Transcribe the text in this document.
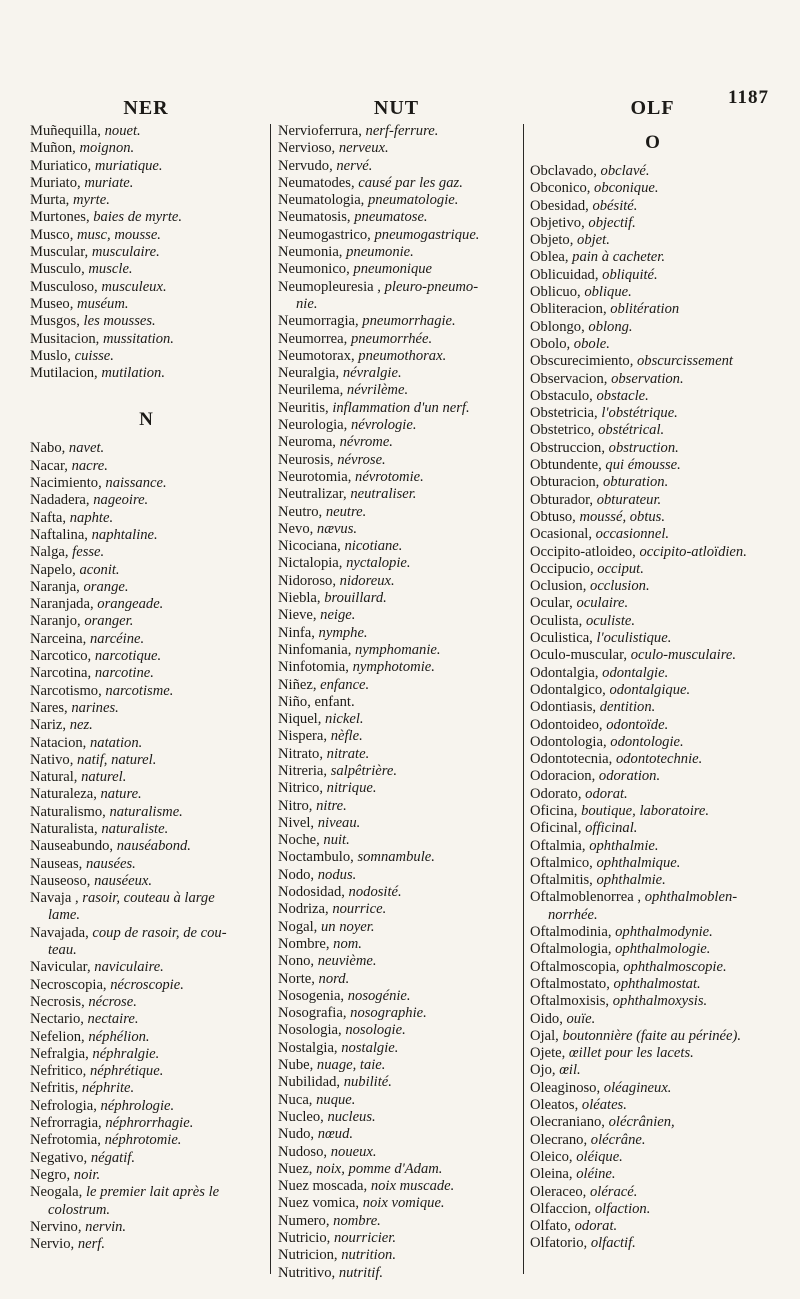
1187
NER
Muñequilla, nouet.
Muñon, moignon.
Muriatico, muriatique.
Muriato, muriate.
Murta, myrte.
Murtones, baies de myrte.
Musco, musc, mousse.
Muscular, musculaire.
Musculo, muscle.
Musculoso, musculeux.
Museo, muséum.
Musgos, les mousses.
Musitacion, mussitation.
Muslo, cuisse.
Mutilacion, mutilation.
N
Nabo, navet.
Nacar, nacre.
Nacimiento, naissance.
Nadadera, nageoire.
Nafta, naphte.
Naftalina, naphtaline.
Nalga, fesse.
Napelo, aconit.
Naranja, orange.
Naranjada, orangeade.
Naranjo, oranger.
Narceina, narcéine.
Narcotico, narcotique.
Narcotina, narcotine.
Narcotismo, narcotisme.
Nares, narines.
Nariz, nez.
Natacion, natation.
Nativo, natif, naturel.
Natural, naturel.
Naturaleza, nature.
Naturalismo, naturalisme.
Naturalista, naturaliste.
Nauseabundo, nauséabond.
Nauseas, nausées.
Nauseoso, nauséeux.
Navaja , rasoir, couteau à large
lame.
Navajada, coup de rasoir, de cou-
teau.
Navicular, naviculaire.
Necroscopia, nécroscopie.
Necrosis, nécrose.
Nectario, nectaire.
Nefelion, néphélion.
Nefralgia, néphralgie.
Nefritico, néphrétique.
Nefritis, néphrite.
Nefrologia, néphrologie.
Nefrorragia, néphrorrhagie.
Nefrotomia, néphrotomie.
Negativo, négatif.
Negro, noir.
Neogala, le premier lait après le
colostrum.
Nervino, nervin.
Nervio, nerf.
NUT
Nervioferrura, nerf-ferrure.
Nervioso, nerveux.
Nervudo, nervé.
Neumatodes, causé par les gaz.
Neumatologia, pneumatologie.
Neumatosis, pneumatose.
Neumogastrico, pneumogastrique.
Neumonia, pneumonie.
Neumonico, pneumonique
Neumopleuresia , pleuro-pneumo-
nie.
Neumorragia, pneumorrhagie.
Neumorrea, pneumorrhée.
Neumotorax, pneumothorax.
Neuralgia, névralgie.
Neurilema, névrilème.
Neuritis, inflammation d'un nerf.
Neurologia, névrologie.
Neuroma, névrome.
Neurosis, névrose.
Neurotomia, névrotomie.
Neutralizar, neutraliser.
Neutro, neutre.
Nevo, nævus.
Nicociana, nicotiane.
Nictalopia, nyctalopie.
Nidoroso, nidoreux.
Niebla, brouillard.
Nieve, neige.
Ninfa, nymphe.
Ninfomania, nymphomanie.
Ninfotomia, nymphotomie.
Niñez, enfance.
Niño, enfant.
Niquel, nickel.
Nispera, nèfle.
Nitrato, nitrate.
Nitreria, salpêtrière.
Nitrico, nitrique.
Nitro, nitre.
Nivel, niveau.
Noche, nuit.
Noctambulo, somnambule.
Nodo, nodus.
Nodosidad, nodosité.
Nodriza, nourrice.
Nogal, un noyer.
Nombre, nom.
Nono, neuvième.
Norte, nord.
Nosogenia, nosogénie.
Nosografia, nosographie.
Nosologia, nosologie.
Nostalgia, nostalgie.
Nube, nuage, taie.
Nubilidad, nubilité.
Nuca, nuque.
Nucleo, nucleus.
Nudo, nœud.
Nudoso, noueux.
Nuez, noix, pomme d'Adam.
Nuez moscada, noix muscade.
Nuez vomica, noix vomique.
Numero, nombre.
Nutricio, nourricier.
Nutricion, nutrition.
Nutritivo, nutritif.
OLF
O
Obclavado, obclavé.
Obconico, obconique.
Obesidad, obésité.
Objetivo, objectif.
Objeto, objet.
Oblea, pain à cacheter.
Oblicuidad, obliquité.
Oblicuo, oblique.
Obliteracion, oblitération
Oblongo, oblong.
Obolo, obole.
Obscurecimiento, obscurcissement
Observacion, observation.
Obstaculo, obstacle.
Obstetricia, l'obstétrique.
Obstetrico, obstétrical.
Obstruccion, obstruction.
Obtundente, qui émousse.
Obturacion, obturation.
Obturador, obturateur.
Obtuso, moussé, obtus.
Ocasional, occasionnel.
Occipito-atloideo, occipito-atloïdien.
Occipucio, occiput.
Oclusion, occlusion.
Ocular, oculaire.
Oculista, oculiste.
Oculistica, l'oculistique.
Oculo-muscular, oculo-musculaire.
Odontalgia, odontalgie.
Odontalgico, odontalgique.
Odontiasis, dentition.
Odontoideo, odontoïde.
Odontologia, odontologie.
Odontotecnia, odontotechnie.
Odoracion, odoration.
Odorato, odorat.
Oficina, boutique, laboratoire.
Oficinal, officinal.
Oftalmia, ophthalmie.
Oftalmico, ophthalmique.
Oftalmitis, ophthalmie.
Oftalmoblenorrea , ophthalmoblen-
norrhée.
Oftalmodinia, ophthalmodynie.
Oftalmologia, ophthalmologie.
Oftalmoscopia, ophthalmoscopie.
Oftalmostato, ophthalmostat.
Oftalmoxisis, ophthalmoxysis.
Oido, ouïe.
Ojal, boutonnière (faite au périnée).
Ojete, œillet pour les lacets.
Ojo, œil.
Oleaginoso, oléagineux.
Oleatos, oléates.
Olecraniano, olécrânien,
Olecrano, olécrâne.
Oleico, oléique.
Oleina, oléine.
Oleraceo, oléracé.
Olfaccion, olfaction.
Olfato, odorat.
Olfatorio, olfactif.
